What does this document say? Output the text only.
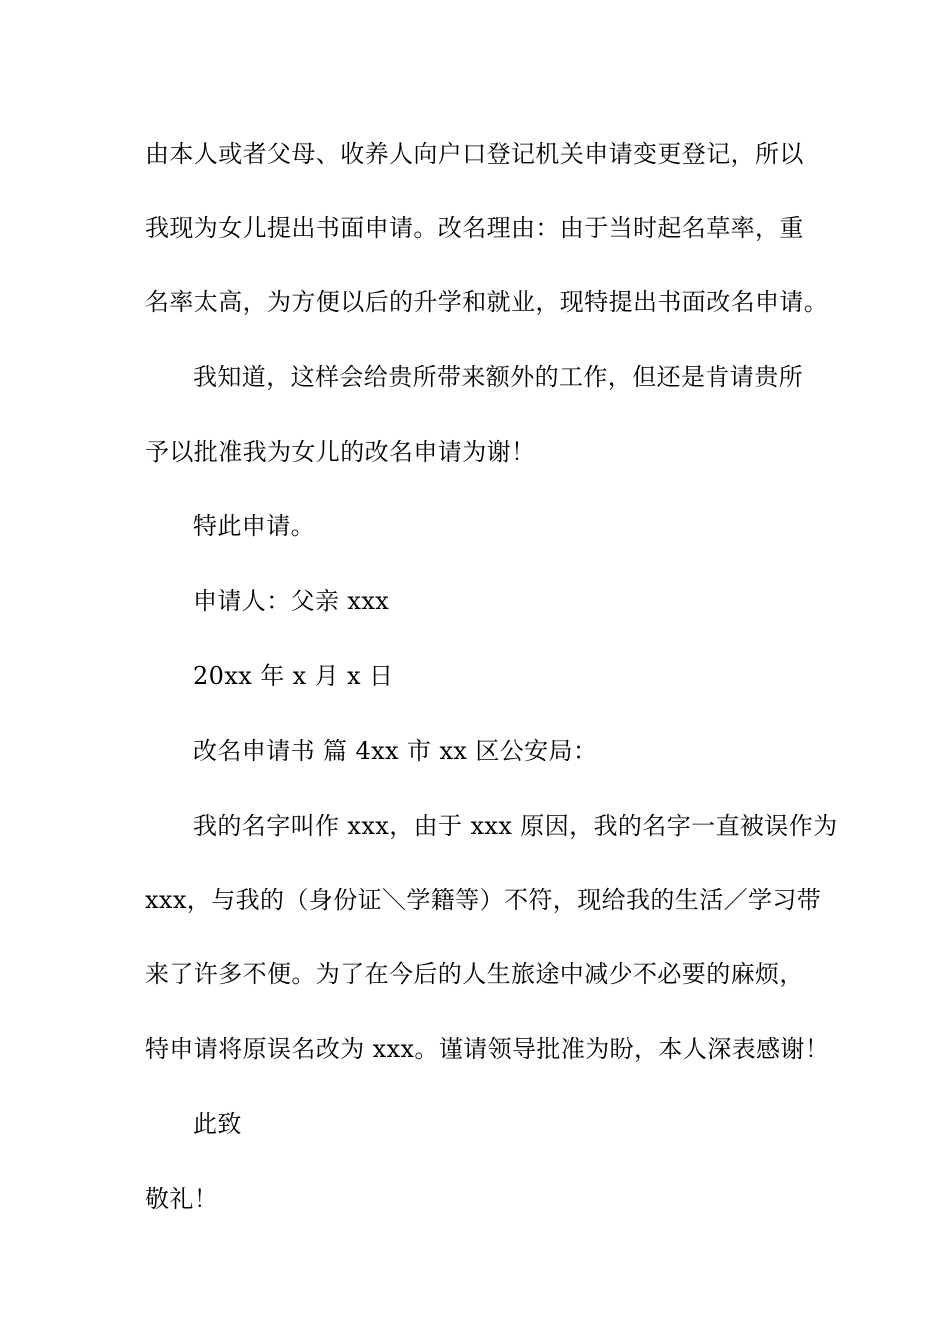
由本人或者父母、收养人向户口登记机关申请变更登记，所以
我现为女儿提出书面申请。改名理由：由于当时起名草率，重
名率太高，为方便以后的升学和就业，现特提出书面改名申请。
我知道，这样会给贵所带来额外的工作，但还是肯请贵所
予以批准我为女儿的改名申请为谢！
特此申请。
申请人：父亲 xxx
20xx 年 x 月 x 日
改名申请书 篇 4xx 市 xx 区公安局：
我的名字叫作 xxx，由于 xxx 原因，我的名字一直被误作为
xxx，与我的（身份证＼学籍等）不符，现给我的生活／学习带
来了许多不便。为了在今后的人生旅途中减少不必要的麻烦，
特申请将原误名改为 xxx。谨请领导批准为盼，本人深表感谢！
此致
敬礼！
